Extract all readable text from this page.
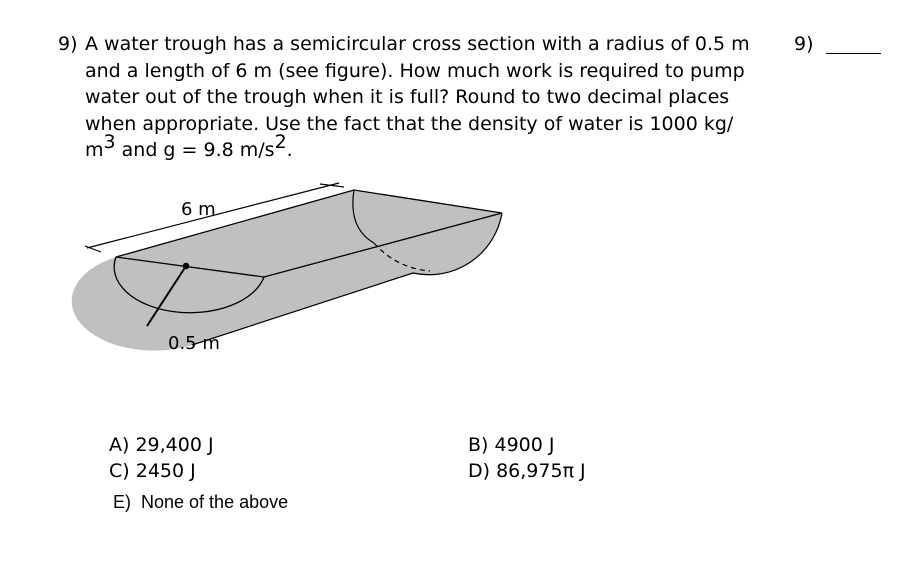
9) A water trough has a semicircular cross section with a radius of 0.5 m
and a length of 6 m (see figure). How much work is required to pump
water out of the trough when it is full? Round to two decimal places
when appropriate. Use the fact that the density of water is 1000 kg/
m3 and g = 9.8 m/s2.

9)
6 m
0.5 m
A) 29,400 J	B) 4900 J
C) 2450 J	D) 86,975π J
E) None of the above
